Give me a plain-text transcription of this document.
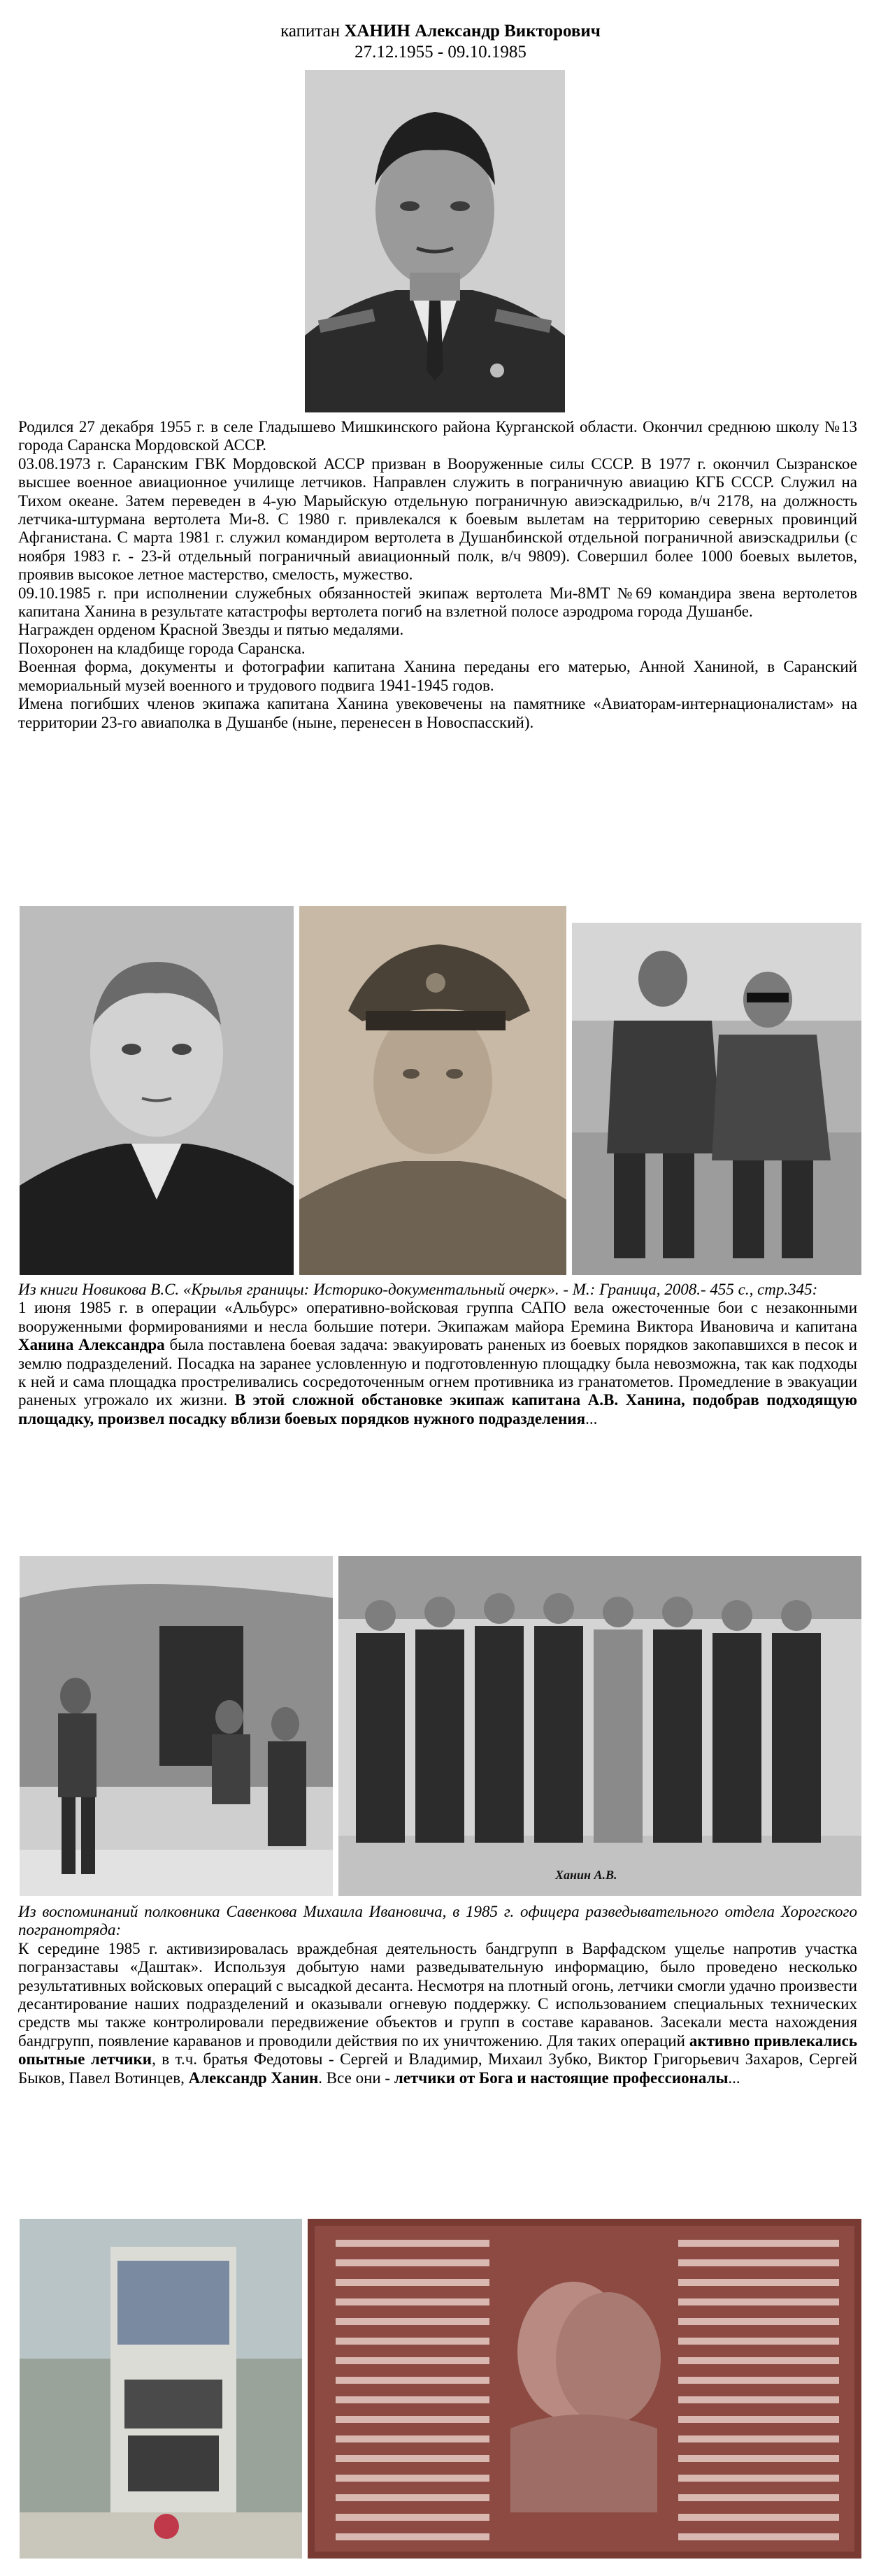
капитан ХАНИН Александр Викторович
27.12.1955 - 09.10.1985

Родился 27 декабря 1955 г. в селе Гладышево Мишкинского района Курганской области. Окончил среднюю школу №13 города Саранска Мордовской АССР.

03.08.1973 г. Саранским ГВК Мордовской АССР призван в Вооруженные силы СССР. В 1977 г. окончил Сызранское высшее военное авиационное училище летчиков. Направлен служить в пограничную авиацию КГБ СССР. Служил на Тихом океане. Затем переведен в 4-ую Марыйскую отдельную пограничную авиэскадрилью, в/ч 2178, на должность летчика-штурмана вертолета Ми-8. С 1980 г. привлекался к боевым вылетам на территорию северных провинций Афганистана. С марта 1981 г. служил командиром вертолета в Душанбинской отдельной пограничной авиэскадрильи (с ноября 1983 г. - 23-й отдельный пограничный авиационный полк, в/ч 9809). Совершил более 1000 боевых вылетов, проявив высокое летное мастерство, смелость, мужество.

09.10.1985 г. при исполнении служебных обязанностей экипаж вертолета Ми-8МТ №69 командира звена вертолетов капитана Ханина в результате катастрофы вертолета погиб на взлетной полосе аэродрома города Душанбе.

Награжден орденом Красной Звезды и пятью медалями.

Похоронен на кладбище города Саранска.

Военная форма, документы и фотографии капитана Ханина переданы его матерью, Анной Ханиной, в Саранский мемориальный музей военного и трудового подвига 1941-1945 годов.

Имена погибших членов экипажа капитана Ханина увековечены на памятнике «Авиаторам-интернационалистам» на территории 23-го авиаполка в Душанбе (ныне, перенесен в Новоспасский).

Из книги Новикова В.С. «Крылья границы: Историко-документальный очерк». - М.: Граница, 2008.- 455 с., стр.345:

1 июня 1985 г. в операции «Альбурс» оперативно-войсковая группа САПО вела ожесточенные бои с незаконными вооруженными формированиями и несла большие потери. Экипажам майора Еремина Виктора Ивановича и капитана Ханина Александра была поставлена боевая задача: эвакуировать раненых из боевых порядков закопавшихся в песок и землю подразделений. Посадка на заранее условленную и подготовленную площадку была невозможна, так как подходы к ней и сама площадка простреливались сосредоточенным огнем противника из гранатометов. Промедление в эвакуации раненых угрожало их жизни. В этой сложной обстановке экипаж капитана А.В. Ханина, подобрав подходящую площадку, произвел посадку вблизи боевых порядков нужного подразделения...

Ханин А.В.

Из воспоминаний полковника Савенкова Михаила Ивановича, в 1985 г. офицера разведывательного отдела Хорогского погранотряда:

К середине 1985 г. активизировалась враждебная деятельность бандгрупп в Варфадском ущелье напротив участка погранзаставы «Даштак». Используя добытую нами разведывательную информацию, было проведено несколько результативных войсковых операций с высадкой десанта. Несмотря на плотный огонь, летчики смогли удачно произвести десантирование наших подразделений и оказывали огневую поддержку. С использованием специальных технических средств мы также контролировали передвижение объектов и групп в составе караванов. Засекали места нахождения бандгрупп, появление караванов и проводили действия по их уничтожению. Для таких операций активно привлекались опытные летчики, в т.ч. братья Федотовы - Сергей и Владимир, Михаил Зубко, Виктор Григорьевич Захаров, Сергей Быков, Павел Вотинцев, Александр Ханин. Все они - летчики от Бога и настоящие профессионалы...
